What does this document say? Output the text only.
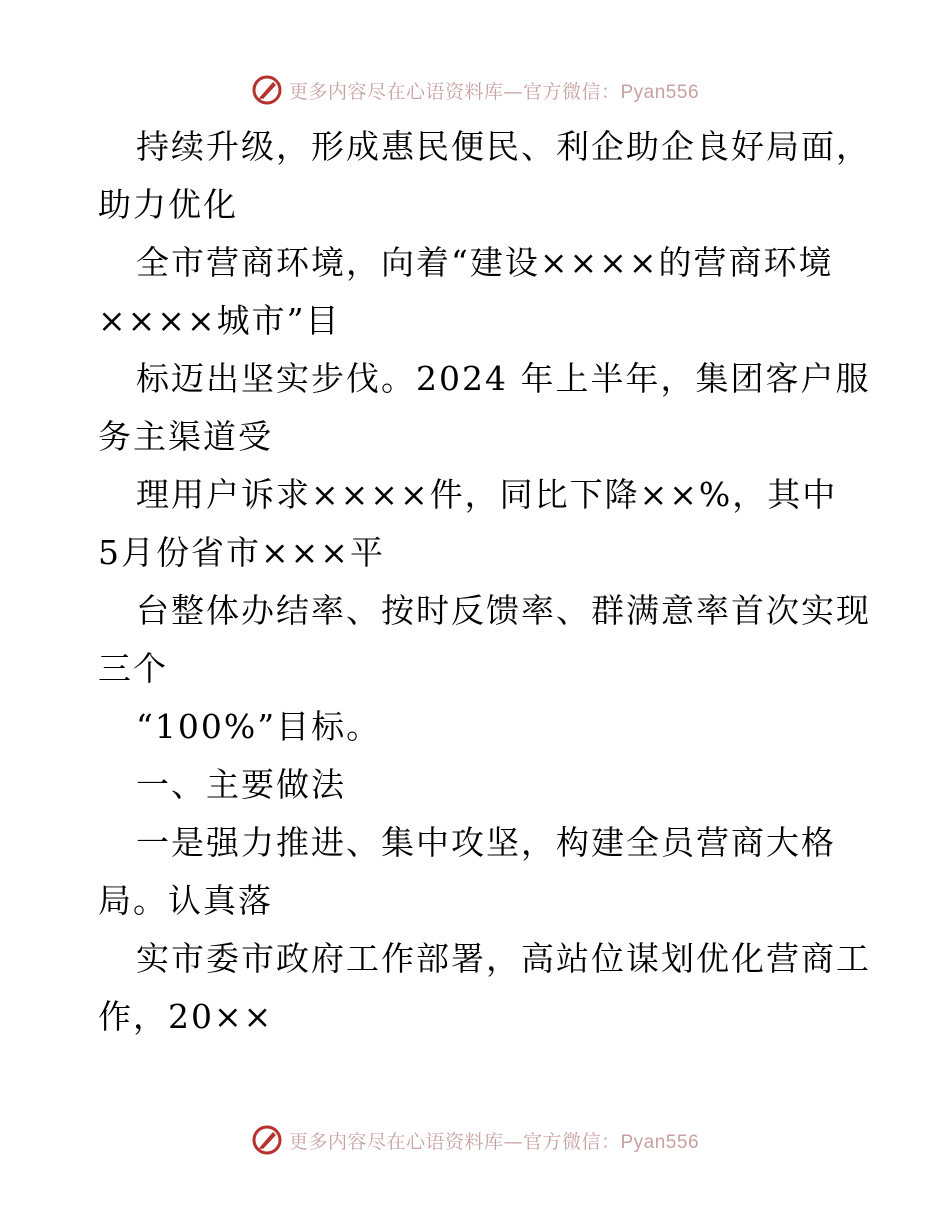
更多内容尽在心语资料库—官方微信：Pyan556
持续升级，形成惠民便民、利企助企良好局面，
助力优化
全市营商环境，向着“建设××××的营商环境
××××城市”目
标迈出坚实步伐。2024 年上半年，集团客户服
务主渠道受
理用户诉求××××件，同比下降××%，其中
5月份省市×××平
台整体办结率、按时反馈率、群满意率首次实现
三个
“100%”目标。
一、主要做法
一是强力推进、集中攻坚，构建全员营商大格
局。认真落
实市委市政府工作部署，高站位谋划优化营商工
作，20××
更多内容尽在心语资料库—官方微信：Pyan556
